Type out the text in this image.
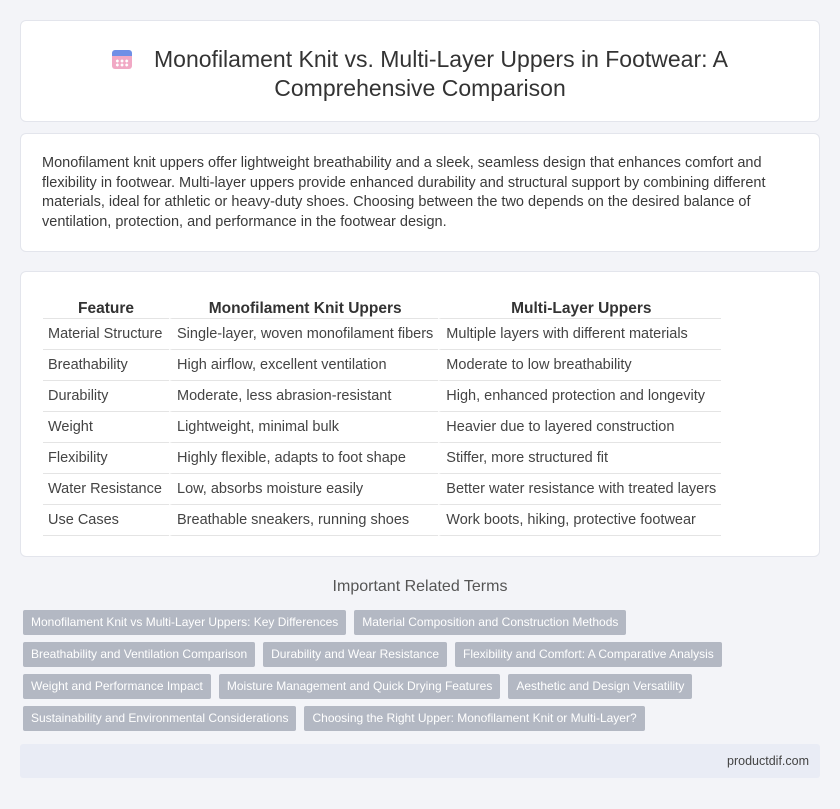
Monofilament Knit vs. Multi-Layer Uppers in Footwear: A
Comprehensive Comparison

Monofilament knit uppers offer lightweight breathability and a sleek, seamless design that enhances comfort and flexibility in footwear. Multi-layer uppers provide enhanced durability and structural support by combining different materials, ideal for athletic or heavy-duty shoes. Choosing between the two depends on the desired balance of ventilation, protection, and performance in the footwear design.

Feature	Monofilament Knit Uppers	Multi-Layer Uppers
Material Structure	Single-layer, woven monofilament fibers	Multiple layers with different materials
Breathability	High airflow, excellent ventilation	Moderate to low breathability
Durability	Moderate, less abrasion-resistant	High, enhanced protection and longevity
Weight	Lightweight, minimal bulk	Heavier due to layered construction
Flexibility	Highly flexible, adapts to foot shape	Stiffer, more structured fit
Water Resistance	Low, absorbs moisture easily	Better water resistance with treated layers
Use Cases	Breathable sneakers, running shoes	Work boots, hiking, protective footwear
Important Related Terms
Monofilament Knit vs Multi-Layer Uppers: Key Differences	Material Composition and Construction Methods
Breathability and Ventilation Comparison	Durability and Wear Resistance	Flexibility and Comfort: A Comparative Analysis
Weight and Performance Impact	Moisture Management and Quick Drying Features	Aesthetic and Design Versatility
Sustainability and Environmental Considerations	Choosing the Right Upper: Monofilament Knit or Multi-Layer?
productdif.com
